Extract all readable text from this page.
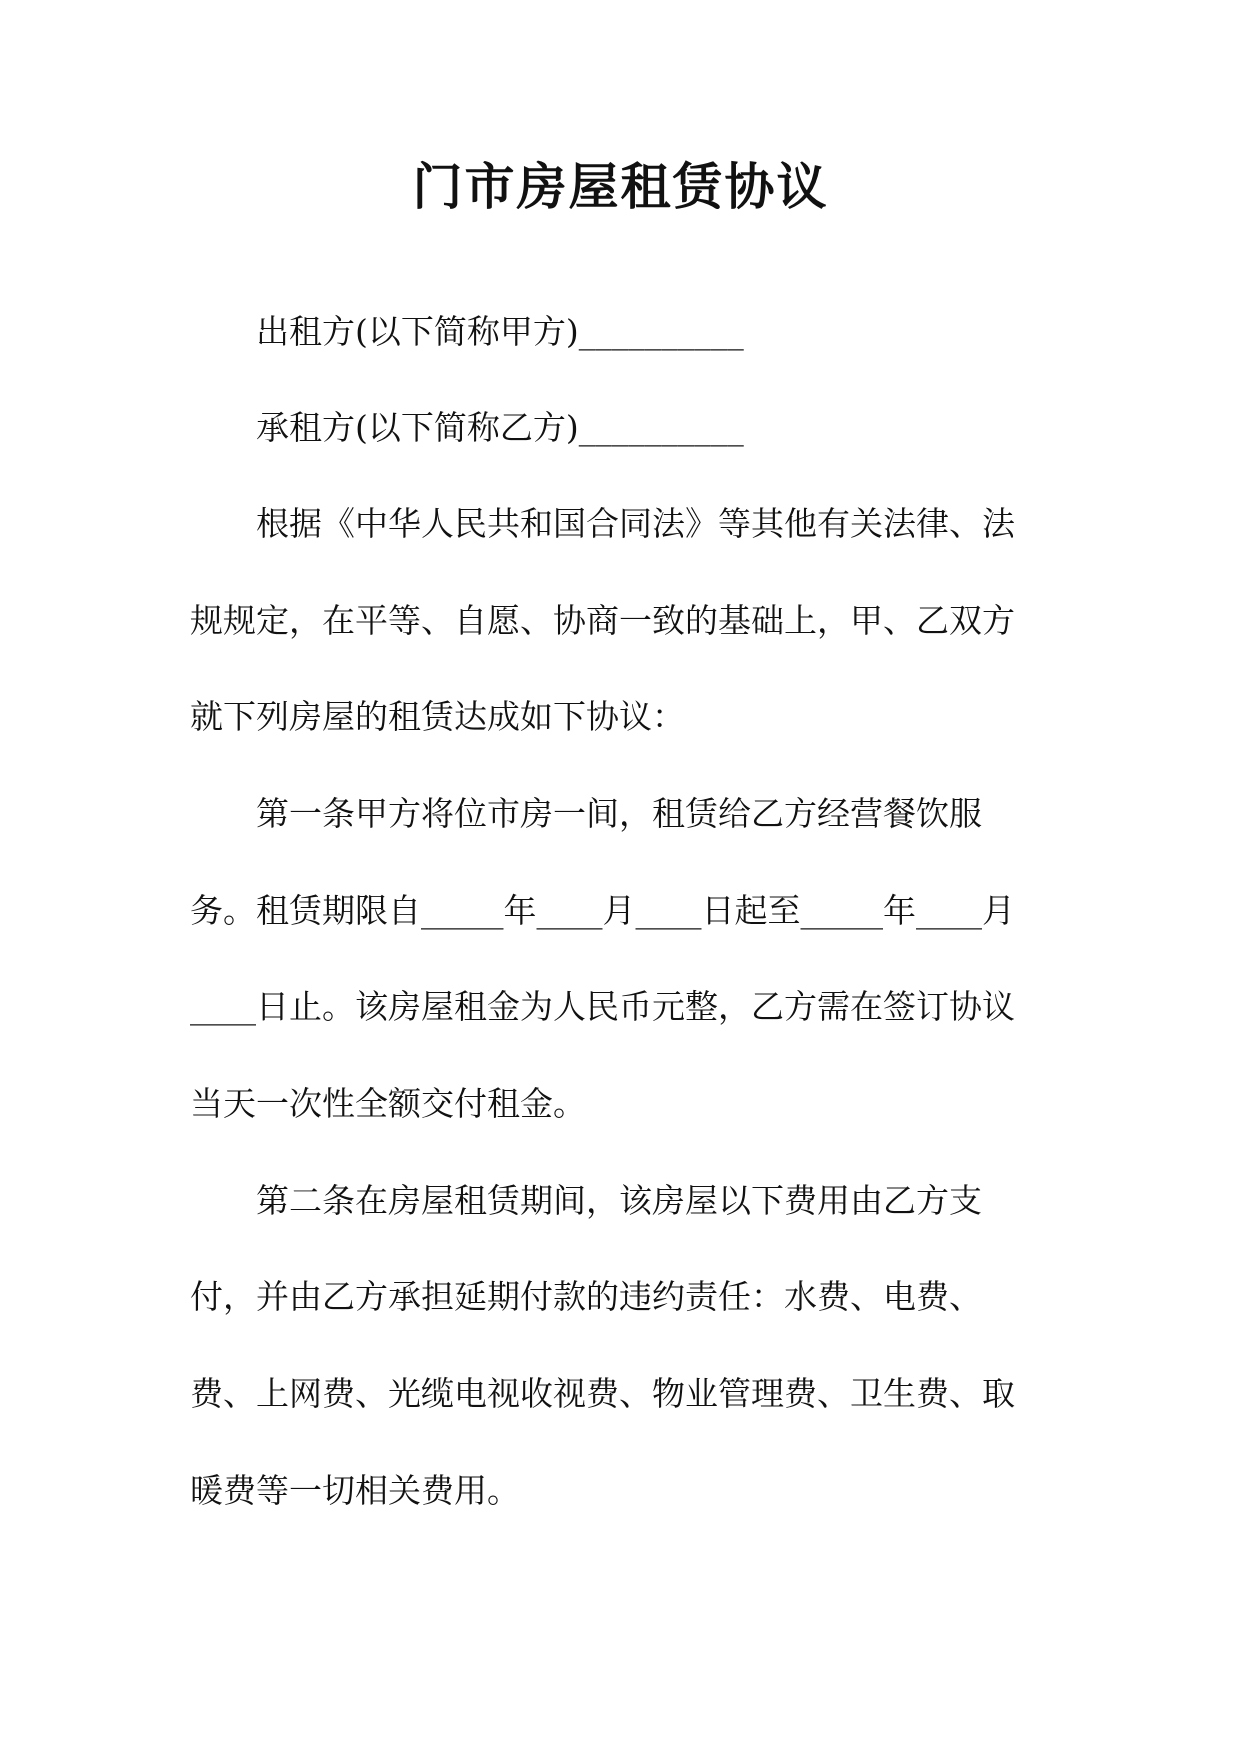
门市房屋租赁协议
出租方(以下简称甲方)__________
承租方(以下简称乙方)__________
根据《中华人民共和国合同法》等其他有关法律、法
规规定，在平等、自愿、协商一致的基础上，甲、乙双方
就下列房屋的租赁达成如下协议：
第一条甲方将位市房一间，租赁给乙方经营餐饮服
务。租赁期限自_____年____月____日起至_____年____月
____日止。该房屋租金为人民币元整，乙方需在签订协议
当天一次性全额交付租金。
第二条在房屋租赁期间，该房屋以下费用由乙方支
付，并由乙方承担延期付款的违约责任：水费、电费、
费、上网费、光缆电视收视费、物业管理费、卫生费、取
暖费等一切相关费用。
